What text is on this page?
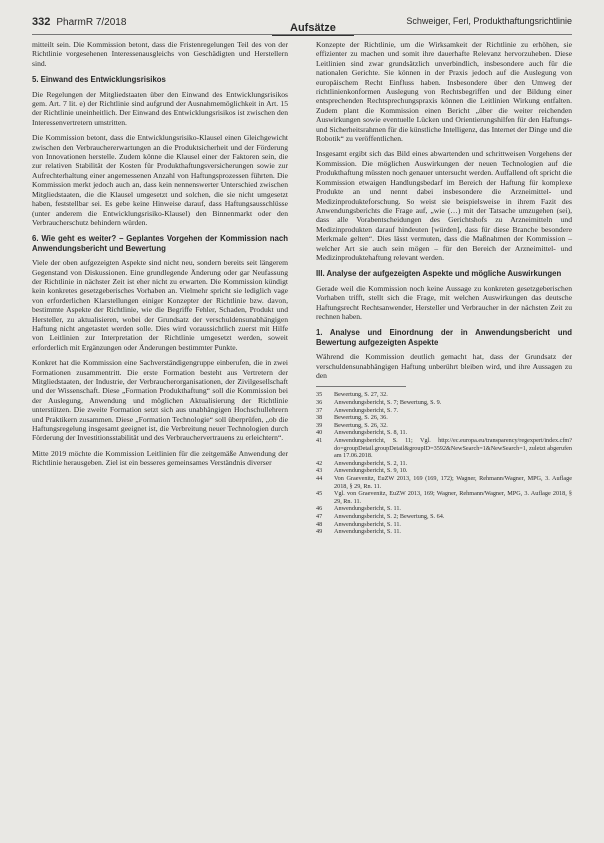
332 PharmR 7/2018	Aufsätze
Schweiger, Ferl, Produkthaftungsrichtlinie

mitteilt sein. Die Kommission betont, dass die Fristenregelungen Teil des von der Richtlinie vorgesehenen Interessenausgleichs von Geschädigten und Herstellern sind.

5. Einwand des Entwicklungsrisikos

Die Regelungen der Mitgliedstaaten über den Einwand des Entwicklungsrisikos gem. Art. 7 lit. e) der Richtlinie sind aufgrund der Ausnahmemöglichkeit in Art. 15 der Richtlinie uneinheitlich. Der Einwand des Entwicklungsrisikos ist zwischen den Interessenvertretern umstritten.

Die Kommission betont, dass die Entwicklungsrisiko-Klausel einen Gleichgewicht zwischen den Verbrauchererwartungen an die Produktsicherheit und der Förderung von Innovationen herstelle. Zudem könne die Klausel einer der Faktoren sein, die zur relativen Stabilität der Kosten für Produkthaftungsversicherungen sowie zur Aufrechterhaltung einer angemessenen Anzahl von Haftungsprozessen führten. Die Kommission merkt jedoch auch an, dass kein nennenswerter Unterschied zwischen Mitgliedstaaten, die die Klausel umgesetzt und solchen, die sie nicht umgesetzt haben, feststellbar sei. Es gebe keine Hinweise darauf, dass Haftungsausschlüsse (unter anderem die Entwicklungsrisiko-Klausel) den Binnenmarkt oder den Verbraucherschutz behindern würden.

6. Wie geht es weiter? – Geplantes Vorgehen der Kommission nach Anwendungsbericht und Bewertung

Viele der oben aufgezeigten Aspekte sind nicht neu, sondern bereits seit längerem Gegenstand von Diskussionen. Eine grundlegende Änderung oder gar Neufassung der Richtlinie in nächster Zeit ist eher nicht zu erwarten. Die Kommission kündigt kein konkretes gesetzgeberisches Vorhaben an. Vielmehr spricht sie lediglich vage von erforderlichen Klarstellungen einiger Konzepter der Richtlinie bzw. davon, bestimmte Aspekte der Richtlinie, wie die Begriffe Fehler, Schaden, Produkt und Hersteller, zu aktualisieren, wobei der Grundsatz der verschuldensunabhängigen Haftung nicht angetastet werden solle. Dies wird voraussichtlich zuerst mit Hilfe von Leitlinien zur Interpretation der Richtlinie umgesetzt werden, soweit erforderlich mit Ergänzungen oder Änderungen bestimmter Punkte.

Konkret hat die Kommission eine Sachverständigengruppe einberufen, die in zwei Formationen zusammentritt. Die erste Formation besteht aus Vertretern der Mitgliedstaaten, der Industrie, der Verbraucherorganisationen, der Zivilgesellschaft und der Wissenschaft. Diese „Formation Produkthaftung“ soll die Kommission bei der Auslegung, Anwendung und möglichen Aktualisierung der Richtlinie unterstützen. Die zweite Formation setzt sich aus unabhängigen Hochschullehrern und Praktikern zusammen. Diese „Formation Technologie“ soll überprüfen, „ob die Haftungsregelung insgesamt geeignet ist, die Verbreitung neuer Technologien durch Förderung der Investitionsstabilität und des Verbrauchervertrauens zu erleichtern“.

Mitte 2019 möchte die Kommission Leitlinien für die zeitgemäße Anwendung der Richtlinie herausgeben. Ziel ist ein besseres gemeinsames Verständnis diverser

Konzepte der Richtlinie, um die Wirksamkeit der Richtlinie zu erhöhen, sie effizienter zu machen und somit ihre dauerhafte Relevanz hervorzuheben. Diese Leitlinien sind zwar grundsätzlich unverbindlich, insbesondere auch für die nationalen Gerichte. Sie können in der Praxis jedoch auf die Auslegung von europäischem Recht Einfluss haben. Insbesondere über den Umweg der richtlinienkonformen Auslegung von Rechtsbegriffen und der Bildung einer entsprechenden Rechtsprechungspraxis können die Leitlinien Wirkung entfalten. Zudem plant die Kommission einen Bericht „über die weiter reichenden Auswirkungen sowie eventuelle Lücken und Orientierungshilfen für den Haftungs- und Sicherheitsrahmen für die künstliche Intelligenz, das Internet der Dinge und die Robotik“ zu veröffentlichen.

Insgesamt ergibt sich das Bild eines abwartenden und schrittweisen Vorgehens der Kommission. Die möglichen Auswirkungen der neuen Technologien auf die Produkthaftung müssten noch genauer untersucht werden. Auffallend oft spricht die Kommission etwaigen Handlungsbedarf im Bereich der Haftung für komplexe Produkte an und nennt dabei insbesondere die Arzneimittel- und Medizinprodukteforschung. So weist sie beispielsweise in ihrem Fazit des Anwendungsberichts die Frage auf, „wie (…) mit der Tatsache umzugehen (sei), dass alle Vorabentscheidungen des Gerichtshofs zu Arzneimitteln und Medizinprodukten darauf hindeuten [würden], dass für diese Branche besondere Merkmale gelten“. Dies lässt vermuten, dass die Maßnahmen der Kommission – welcher Art sie auch sein mögen – für den Bereich der Arzneimittel- und Medizinproduktehaftung relevant werden.

III. Analyse der aufgezeigten Aspekte und mögliche Auswirkungen

Gerade weil die Kommission noch keine Aussage zu konkreten gesetzgeberischen Vorhaben trifft, stellt sich die Frage, mit welchen Auswirkungen das deutsche Haftungsrecht Rechtsanwender, Hersteller und Verbraucher in der nächsten Zeit zu rechnen haben.

1. Analyse und Einordnung der in Anwendungsbericht und Bewertung aufgezeigten Aspekte

Während die Kommission deutlich gemacht hat, dass der Grundsatz der verschuldensunabhängigen Haftung unberührt bleiben wird, und ihre Aussagen zu den

35	Bewertung, S. 27, 32.
36	Anwendungsbericht, S. 7; Bewertung, S. 9.
37	Anwendungsbericht, S. 7.
38	Bewertung, S. 26, 36.
39	Bewertung, S. 26, 32.
40	Anwendungsbericht, S. 8, 11.
41	Anwendungsbericht, S. 11; Vgl. http://ec.europa.eu/transparency/regexpert/index.cfm?do=groupDetail.groupDetail&groupID=3592&NewSearch=1&NewSearch=1, zuletzt abgerufen am 17.06.2018.
42	Anwendungsbericht, S. 2, 11.
43	Anwendungsbericht, S. 9, 10.
44	Von Graevenitz, EuZW 2013, 169 (169, 172); Wagner, Rehmann/Wagner, MPG, 3. Auflage 2018, § 29, Rn. 11.
45	Vgl. von Graevenitz, EuZW 2013, 169; Wagner, Rehmann/Wagner, MPG, 3. Auflage 2018, § 29, Rn. 11.
46	Anwendungsbericht, S. 11.
47	Anwendungsbericht, S. 2; Bewertung, S. 64.
48	Anwendungsbericht, S. 11.
49	Anwendungsbericht, S. 11.
